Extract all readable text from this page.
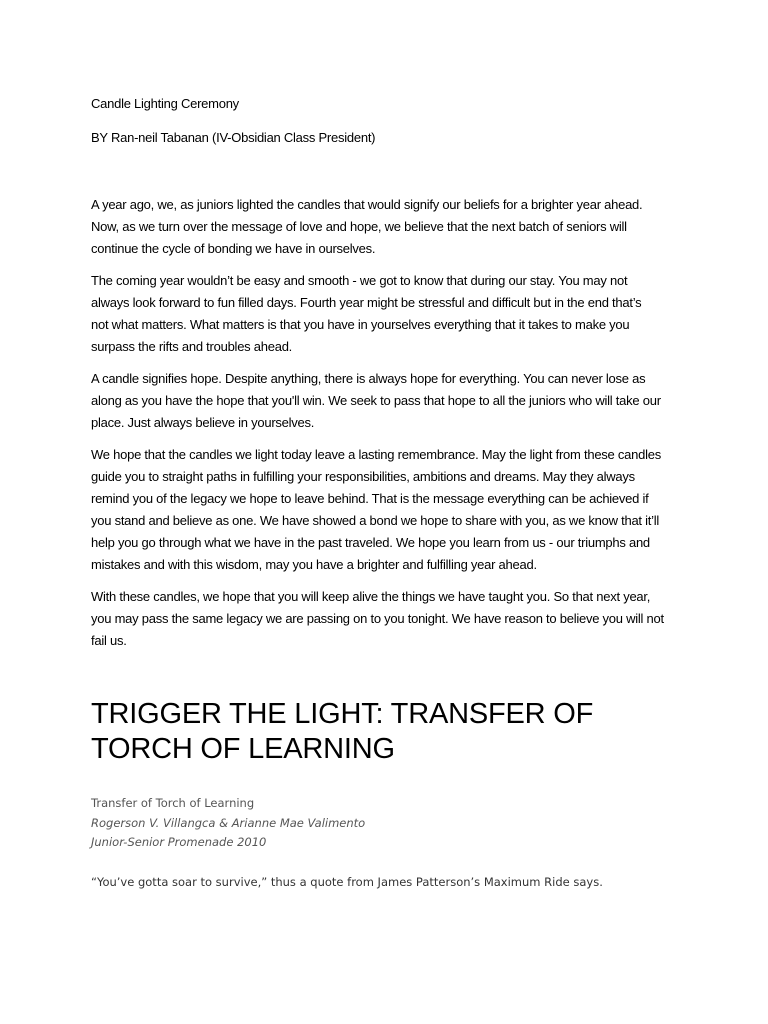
Candle Lighting Ceremony
BY Ran-neil Tabanan (IV-Obsidian Class President)
A year ago, we, as juniors lighted the candles that would signify our beliefs for a brighter year ahead.
Now, as we turn over the message of love and hope, we believe that the next batch of seniors will
continue the cycle of bonding we have in ourselves.
The coming year wouldn’t be easy and smooth - we got to know that during our stay. You may not
always look forward to fun filled days. Fourth year might be stressful and difficult but in the end that’s
not what matters. What matters is that you have in yourselves everything that it takes to make you
surpass the rifts and troubles ahead.
A candle signifies hope. Despite anything, there is always hope for everything. You can never lose as
along as you have the hope that you'll win. We seek to pass that hope to all the juniors who will take our
place. Just always believe in yourselves.
We hope that the candles we light today leave a lasting remembrance. May the light from these candles
guide you to straight paths in fulfilling your responsibilities, ambitions and dreams. May they always
remind you of the legacy we hope to leave behind. That is the message everything can be achieved if
you stand and believe as one. We have showed a bond we hope to share with you, as we know that it’ll
help you go through what we have in the past traveled. We hope you learn from us - our triumphs and
mistakes and with this wisdom, may you have a brighter and fulfilling year ahead.
With these candles, we hope that you will keep alive the things we have taught you. So that next year,
you may pass the same legacy we are passing on to you tonight. We have reason to believe you will not
fail us.
TRIGGER THE LIGHT: TRANSFER OF
TORCH OF LEARNING
Transfer of Torch of Learning
Rogerson V. Villangca & Arianne Mae Valimento
Junior-Senior Promenade 2010
“You’ve gotta soar to survive,” thus a quote from James Patterson’s Maximum Ride says.
